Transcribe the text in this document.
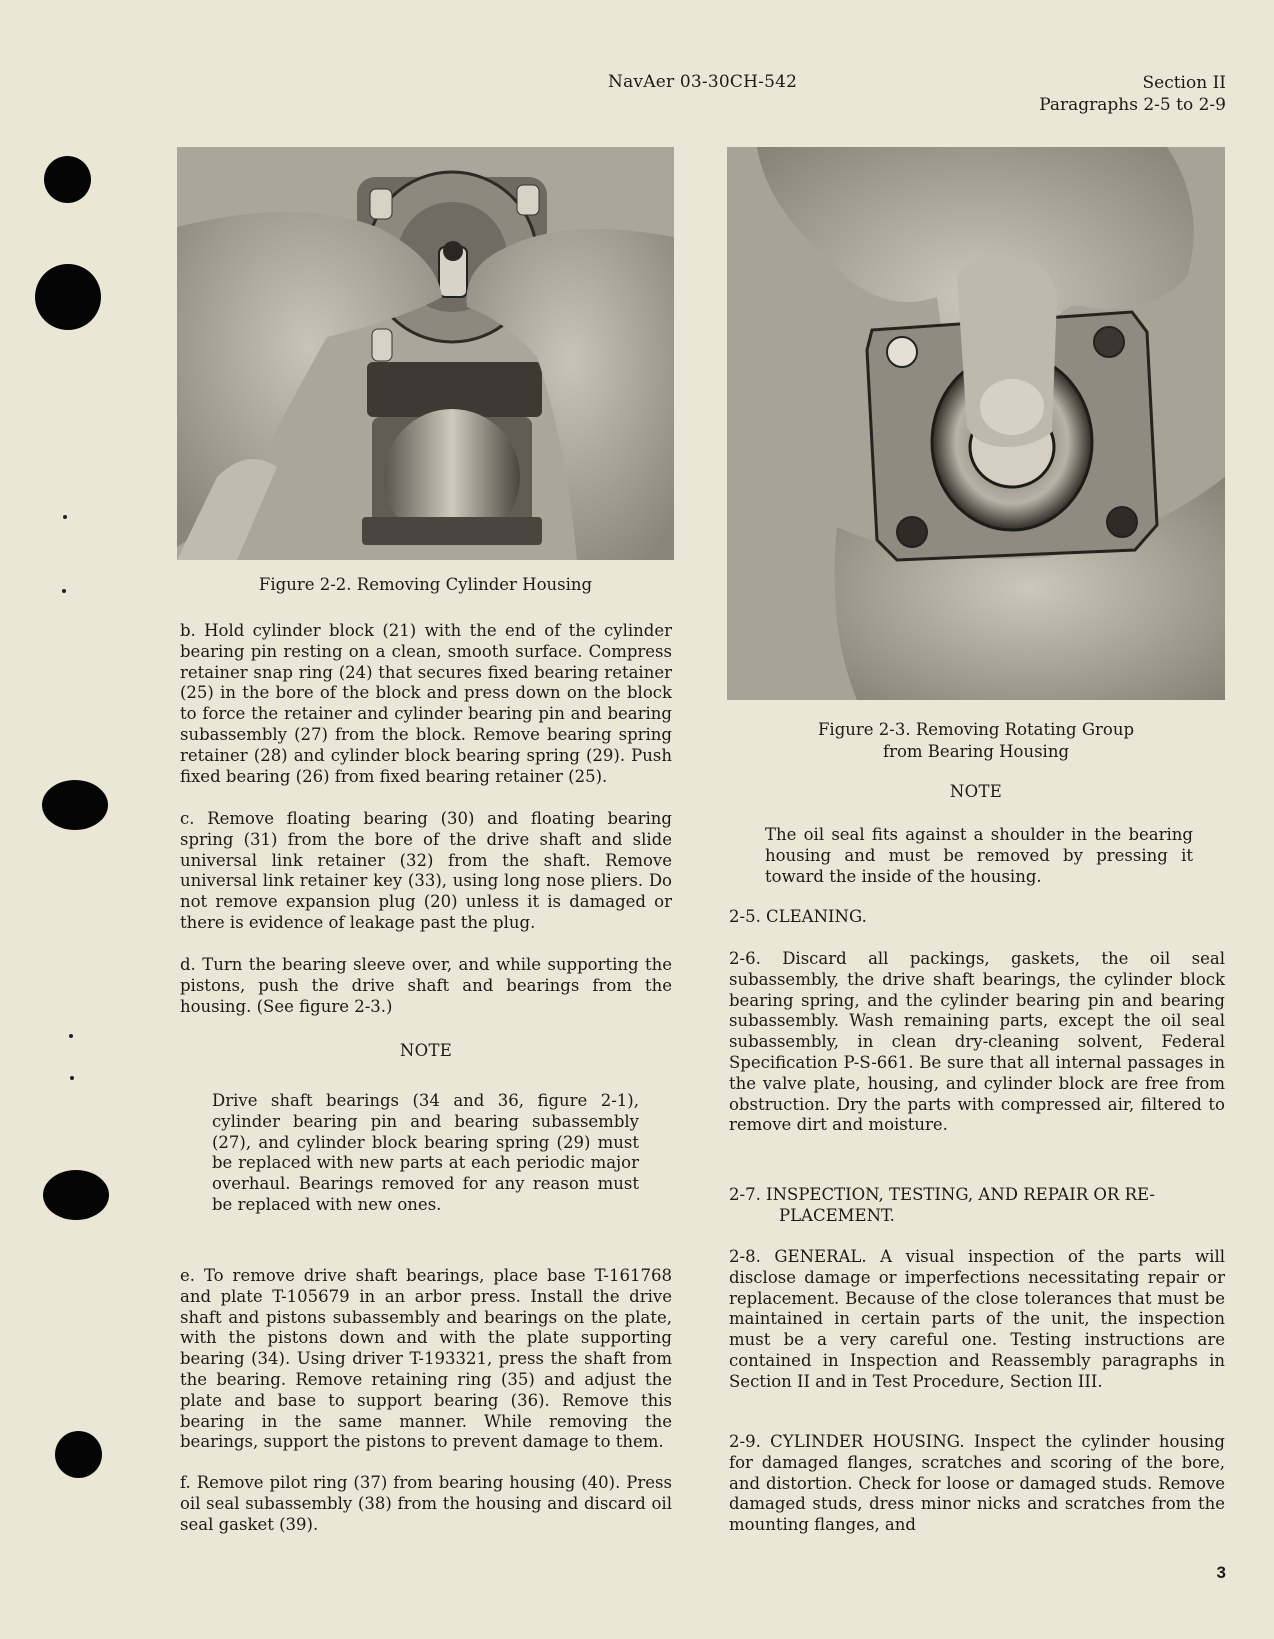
NavAer 03-30CH-542	Section II
Paragraphs 2-5 to 2-9
Figure 2-2. Removing Cylinder Housing
Figure 2-3. Removing Rotating Group
from Bearing Housing

b. Hold cylinder block (21) with the end of the cylinder bearing pin resting on a clean, smooth surface. Compress retainer snap ring (24) that secures fixed bearing retainer (25) in the bore of the block and press down on the block to force the retainer and cylinder bearing pin and bearing subassembly (27) from the block. Remove bearing spring retainer (28) and cylinder block bearing spring (29). Push fixed bearing (26) from fixed bearing retainer (25).

c. Remove floating bearing (30) and floating bearing spring (31) from the bore of the drive shaft and slide universal link retainer (32) from the shaft. Remove universal link retainer key (33), using long nose pliers. Do not remove expansion plug (20) unless it is damaged or there is evidence of leakage past the plug.

d. Turn the bearing sleeve over, and while supporting the pistons, push the drive shaft and bearings from the housing. (See figure 2-3.)

NOTE

Drive shaft bearings (34 and 36, figure 2-1), cylinder bearing pin and bearing subassembly (27), and cylinder block bearing spring (29) must be replaced with new parts at each periodic major overhaul. Bearings removed for any reason must be replaced with new ones.

e. To remove drive shaft bearings, place base T-161768 and plate T-105679 in an arbor press. Install the drive shaft and pistons subassembly and bearings on the plate, with the pistons down and with the plate supporting bearing (34). Using driver T-193321, press the shaft from the bearing. Remove retaining ring (35) and adjust the plate and base to support bearing (36). Remove this bearing in the same manner. While removing the bearings, support the pistons to prevent damage to them.

f. Remove pilot ring (37) from bearing housing (40). Press oil seal subassembly (38) from the housing and discard oil seal gasket (39).

NOTE

The oil seal fits against a shoulder in the bearing housing and must be removed by pressing it toward the inside of the housing.

2-5. CLEANING.

2-6. Discard all packings, gaskets, the oil seal subassembly, the drive shaft bearings, the cylinder block bearing spring, and the cylinder bearing pin and bearing subassembly. Wash remaining parts, except the oil seal subassembly, in clean dry-cleaning solvent, Federal Specification P-S-661. Be sure that all internal passages in the valve plate, housing, and cylinder block are free from obstruction. Dry the parts with compressed air, filtered to remove dirt and moisture.

2-7. INSPECTION, TESTING, AND REPAIR OR RE-
PLACEMENT.

2-8. GENERAL. A visual inspection of the parts will disclose damage or imperfections necessitating repair or replacement. Because of the close tolerances that must be maintained in certain parts of the unit, the inspection must be a very careful one. Testing instructions are contained in Inspection and Reassembly paragraphs in Section II and in Test Procedure, Section III.

2-9. CYLINDER HOUSING. Inspect the cylinder housing for damaged flanges, scratches and scoring of the bore, and distortion. Check for loose or damaged studs. Remove damaged studs, dress minor nicks and scratches from the mounting flanges, and

3
